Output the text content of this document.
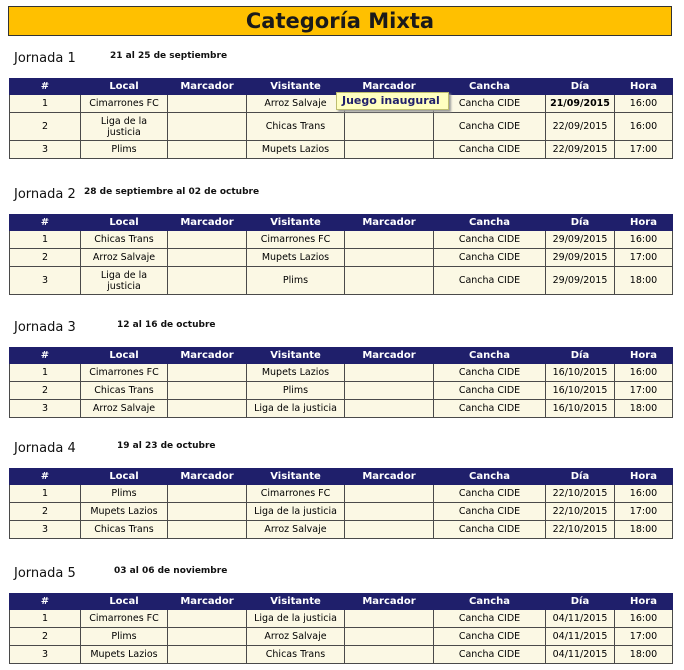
Categoría Mixta
Jornada 1	21 al 25 de septiembre
#	Local	Marcador	Visitante	Marcador	Cancha	Día	Hora
1	Cimarrones FC		Arroz Salvaje		Cancha CIDE	21/09/2015	16:00
2	Liga de la justicia		Chicas Trans		Cancha CIDE	22/09/2015	16:00
3	Plims		Mupets Lazios		Cancha CIDE	22/09/2015	17:00
Jornada 2 28 de septiembre al 02 de octubre
#	Local	Marcador	Visitante	Marcador	Cancha	Día	Hora
1	Chicas Trans		Cimarrones FC		Cancha CIDE	29/09/2015	16:00
2	Arroz Salvaje		Mupets Lazios		Cancha CIDE	29/09/2015	17:00
3	Liga de la justicia		Plims		Cancha CIDE	29/09/2015	18:00
Jornada 3	12 al 16 de octubre
#	Local	Marcador	Visitante	Marcador	Cancha	Día	Hora
1	Cimarrones FC		Mupets Lazios		Cancha CIDE	16/10/2015	16:00
2	Chicas Trans		Plims		Cancha CIDE	16/10/2015	17:00
3	Arroz Salvaje		Liga de la justicia		Cancha CIDE	16/10/2015	18:00
Jornada 4	19 al 23 de octubre
#	Local	Marcador	Visitante	Marcador	Cancha	Día	Hora
1	Plims		Cimarrones FC		Cancha CIDE	22/10/2015	16:00
2	Mupets Lazios		Liga de la justicia		Cancha CIDE	22/10/2015	17:00
3	Chicas Trans		Arroz Salvaje		Cancha CIDE	22/10/2015	18:00
Jornada 5	03 al 06 de noviembre
#	Local	Marcador	Visitante	Marcador	Cancha	Día	Hora
1	Cimarrones FC		Liga de la justicia		Cancha CIDE	04/11/2015	16:00
2	Plims		Arroz Salvaje		Cancha CIDE	04/11/2015	17:00
3	Mupets Lazios		Chicas Trans		Cancha CIDE	04/11/2015	18:00
Juego inaugural
